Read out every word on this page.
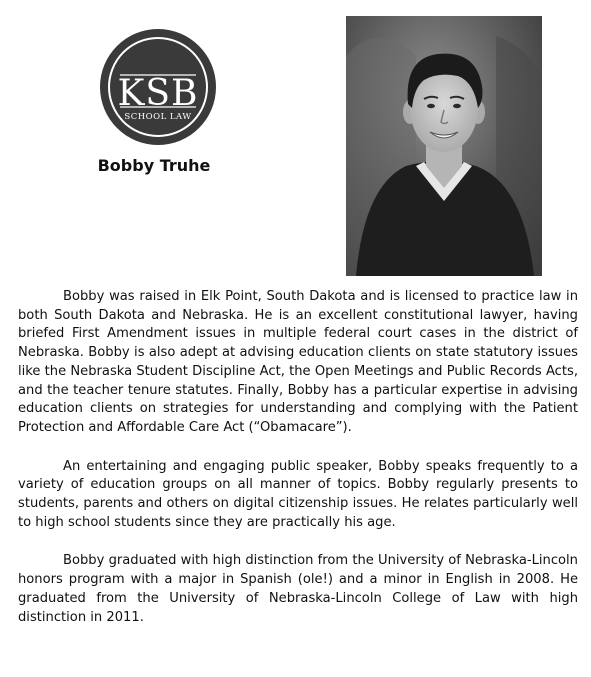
KSB
SCHOOL LAW
Bobby Truhe

Bobby was raised in Elk Point, South Dakota and is licensed to practice law in both South Dakota and Nebraska. He is an excellent constitutional lawyer, having briefed First Amendment issues in multiple federal court cases in the district of Nebraska. Bobby is also adept at advising education clients on state statutory issues like the Nebraska Student Discipline Act, the Open Meetings and Public Records Acts, and the teacher tenure statutes. Finally, Bobby has a particular expertise in advising education clients on strategies for understanding and complying with the Patient Protection and Affordable Care Act (“Obamacare”).

An entertaining and engaging public speaker, Bobby speaks frequently to a variety of education groups on all manner of topics. Bobby regularly presents to students, parents and others on digital citizenship issues. He relates particularly well to high school students since they are practically his age.

Bobby graduated with high distinction from the University of Nebraska-Lincoln honors program with a major in Spanish (ole!) and a minor in English in 2008. He graduated from the University of Nebraska-Lincoln College of Law with high distinction in 2011.
